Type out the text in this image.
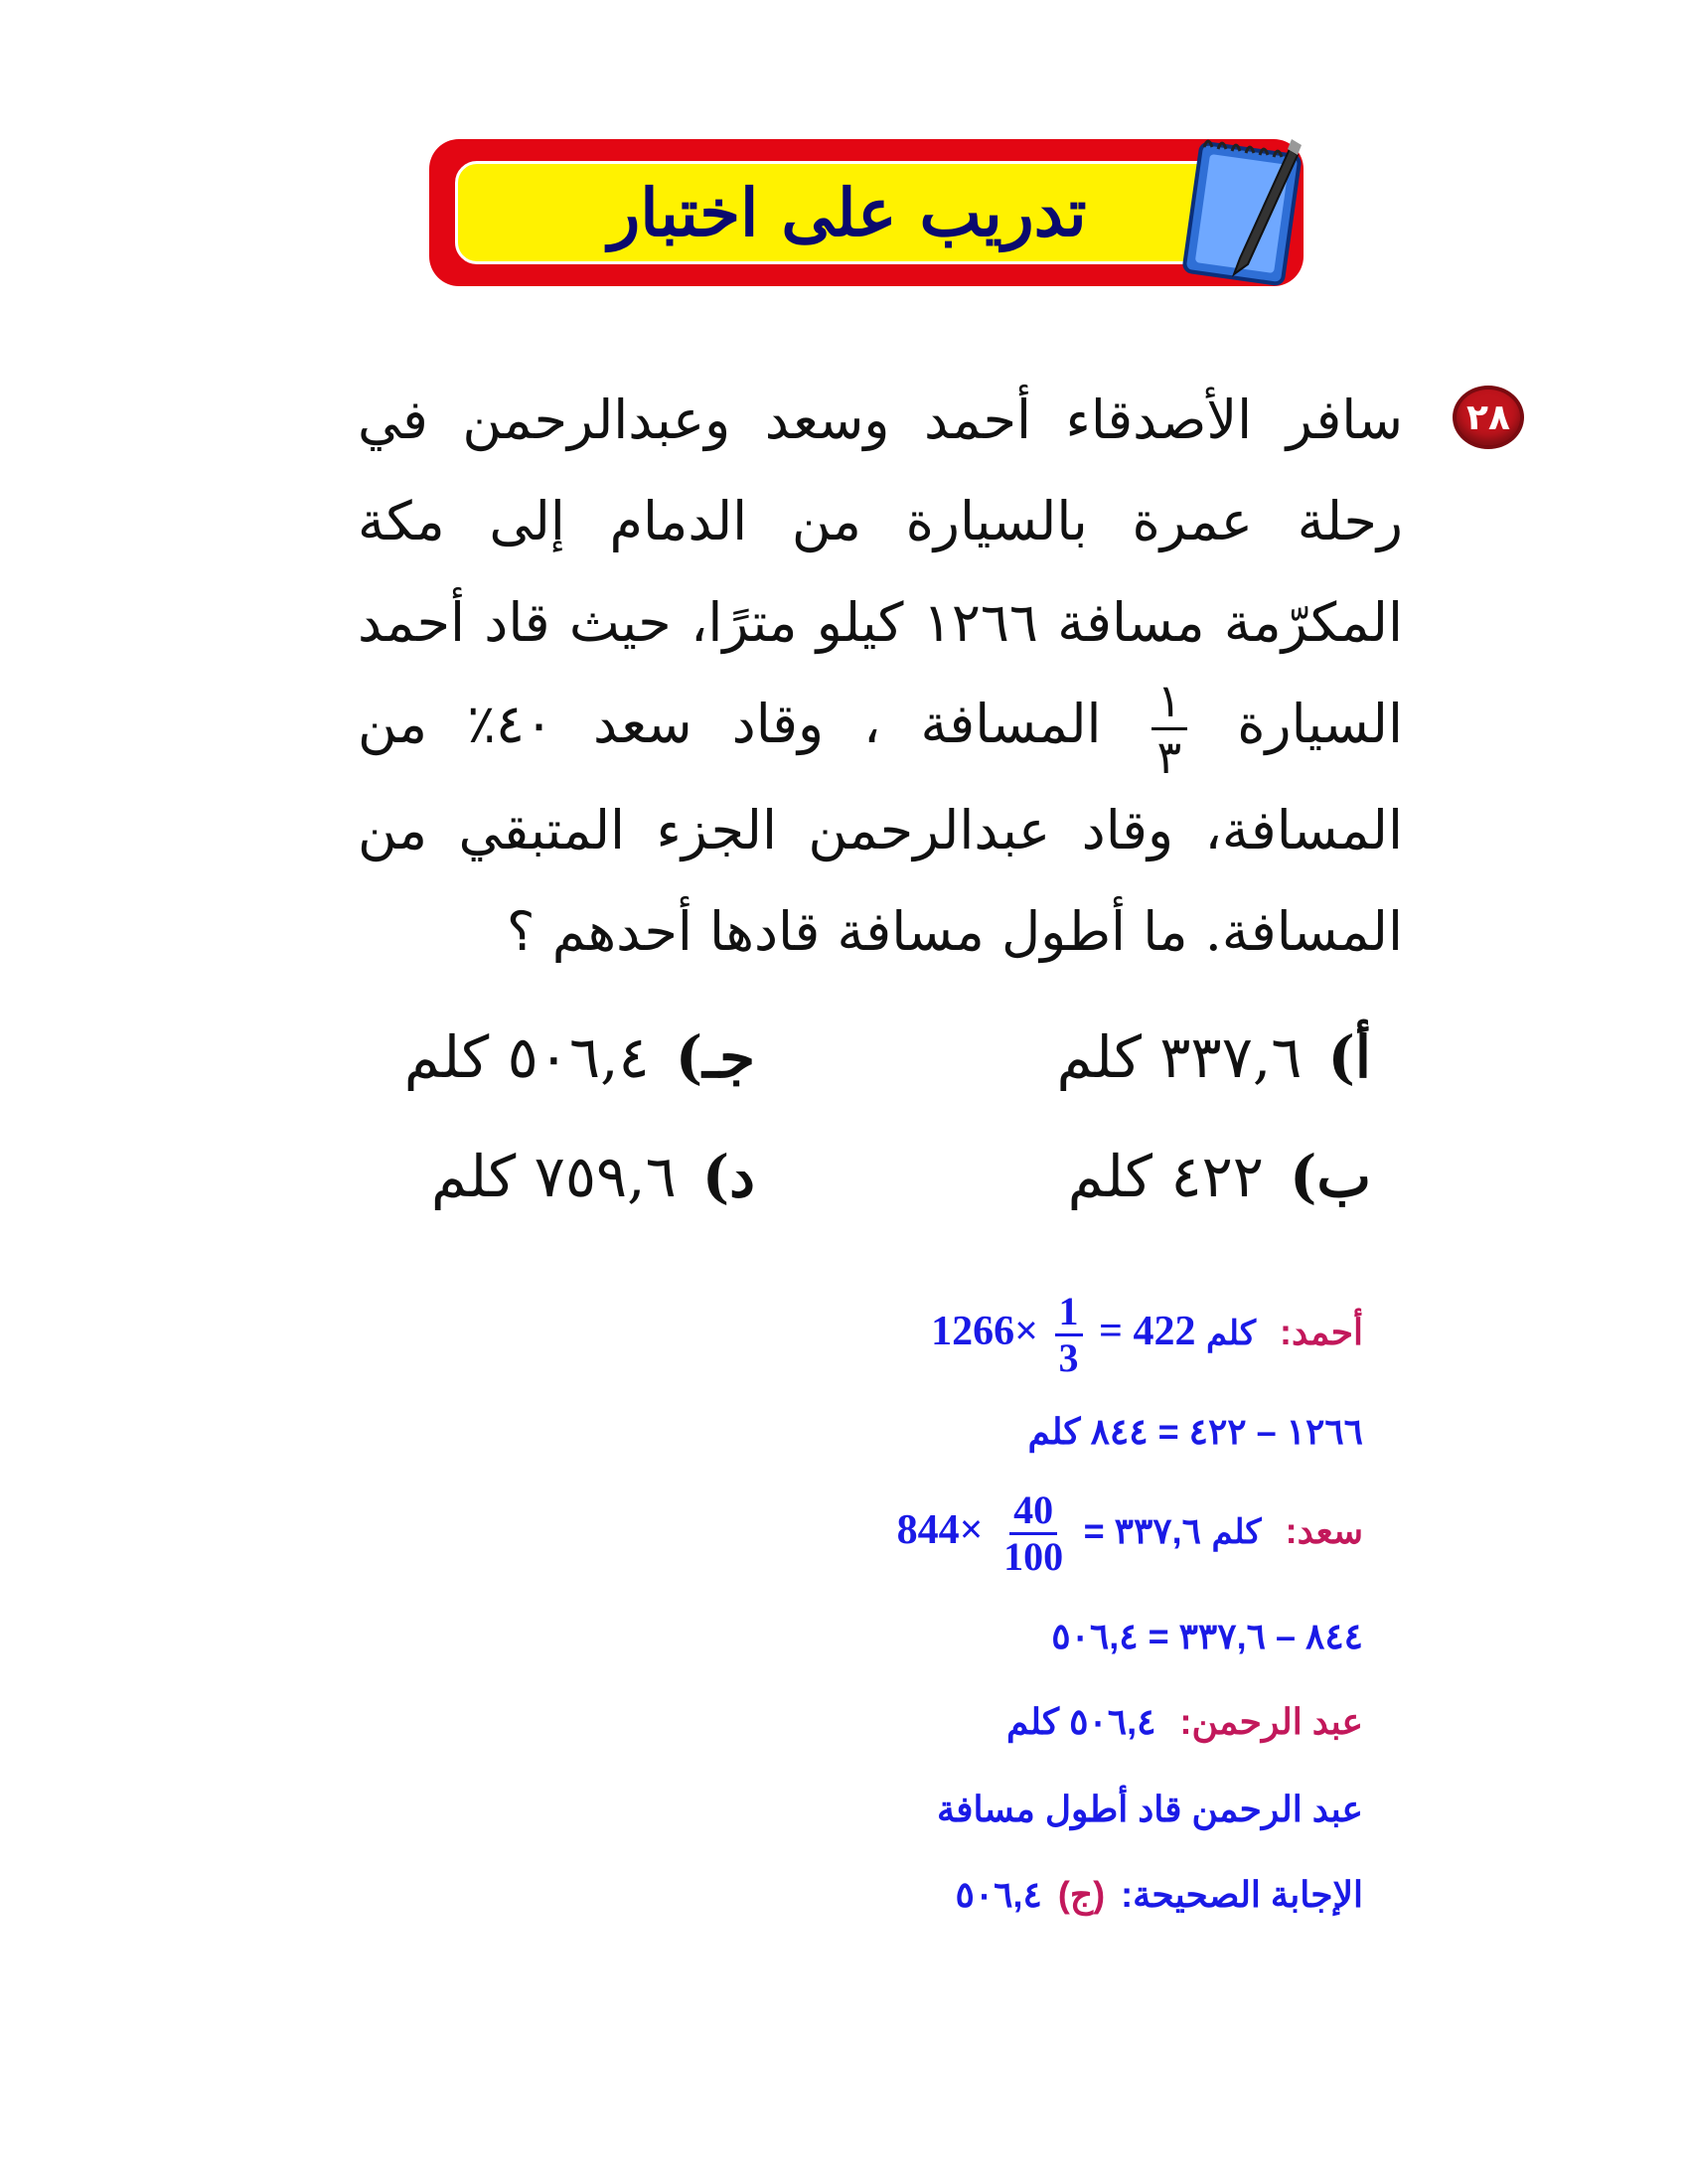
تدريب على اختبار
٢٨
سافر الأصدقاء أحمد وسعد وعبدالرحمن في رحلة عمرة بالسيارة من الدمام إلى مكة المكرّمة مسافة ١٢٦٦ كيلو مترًا، حيث قاد أحمد السيارة
$\frac{١}{٣}$
المسافة ، وقاد سعد ٤٠٪ من المسافة، وقاد عبدالرحمن الجزء المتبقي من المسافة. ما أطول مسافة قادها أحدهم ؟
أ)٣٣٧,٦ كلم
ب)٤٢٢ كلم
جـ)٥٠٦,٤ كلم
د)٧٥٩,٦ كلم
أحمد: كلم 422 =
$\frac{1}{3}$
×1266
١٢٦٦ – ٤٢٢ = ٨٤٤ كلم
سعد: كلم ٣٣٧,٦ =
$\frac{40}{100}$
×844
٨٤٤ – ٣٣٧,٦ = ٥٠٦,٤
عبد الرحمن: ٥٠٦,٤ كلم
عبد الرحمن قاد أطول مسافة
الإجابة الصحيحة: (ج) ٥٠٦,٤
